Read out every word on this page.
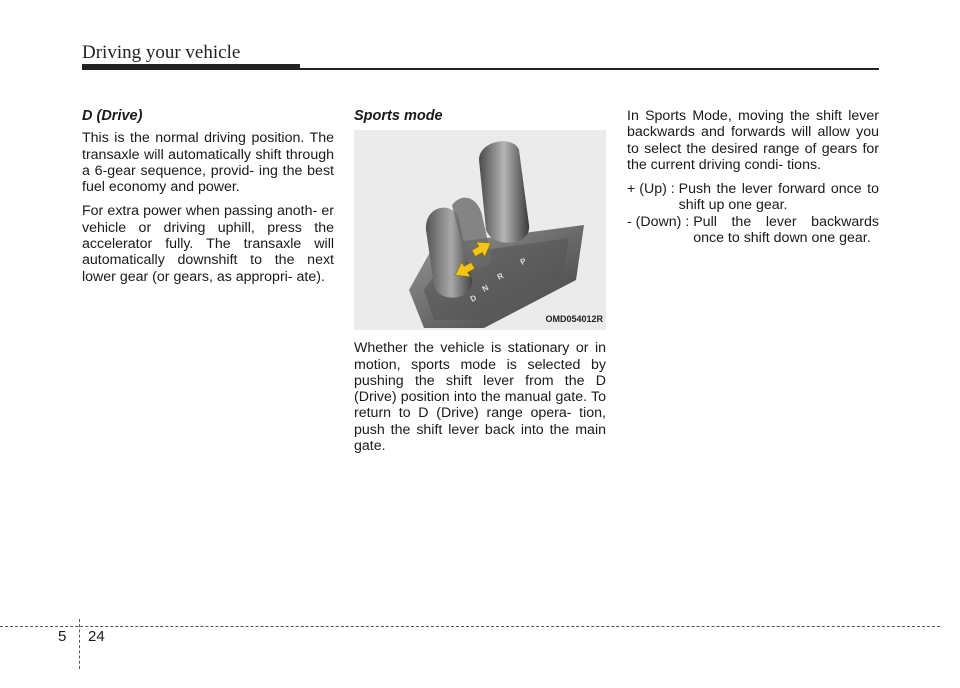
Driving your vehicle
D (Drive)

This is the normal driving position. The transaxle will automatically shift through a 6-gear sequence, provid- ing the best fuel economy and power.

For extra power when passing anoth- er vehicle or driving uphill, press the accelerator fully. The transaxle will automatically downshift to the next lower gear (or gears, as appropri- ate).

Sports mode
P
R
N
D
OMD054012R

Whether the vehicle is stationary or in motion, sports mode is selected by pushing the shift lever from the D (Drive) position into the manual gate. To return to D (Drive) range opera- tion, push the shift lever back into the main gate.

In Sports Mode, moving the shift lever backwards and forwards will allow you to select the desired range of gears for the current driving condi- tions.

+ (Up) : Push the lever forward once to shift up one gear.
- (Down) : Pull the lever backwards once to shift down one gear.
5 24
